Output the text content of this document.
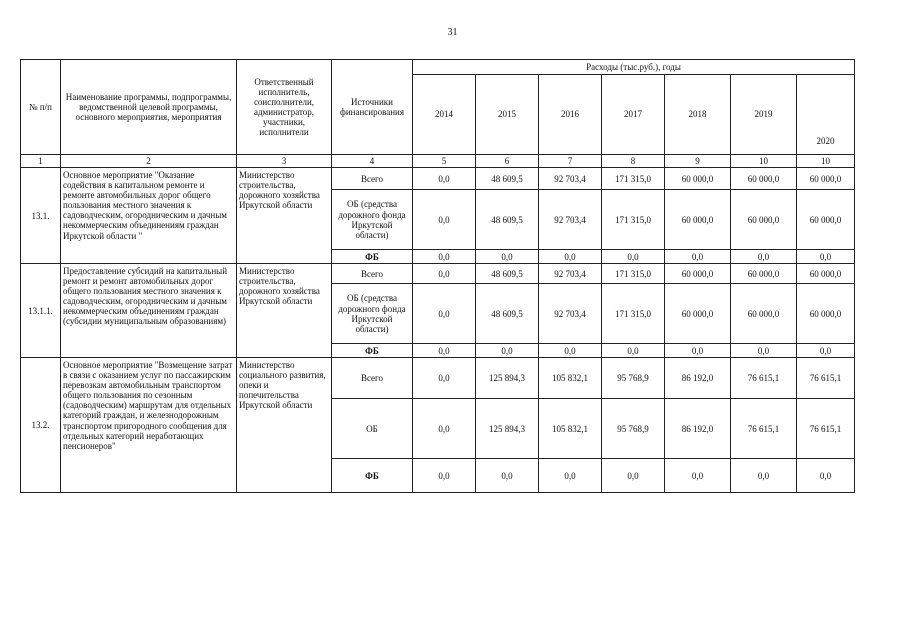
31
№ п/п	Наименование программы, подпрограммы, ведомственной целевой программы, основного мероприятия, мероприятия	Ответственный исполнитель, соисполнители, администратор, участники, исполнители	Источники финансирования	Расходы (тыс.руб.), годы						
				2014	2015	2016	2017	2018	2019	2020
1	2	3	4	5	6	7	8	9	10	10
13.1.	Основное мероприятие "Оказание содействия в капитальном ремонте и ремонте автомобильных дорог общего пользования местного значения к садоводческим, огородническим и дачным некоммерческим объединениям граждан Иркутской области "	Министерство строительства, дорожного хозяйства Иркутской области	Всего	0,0	48 609,5	92 703,4	171 315,0	60 000,0	60 000,0	60 000,0
			ОБ (средства дорожного фонда Иркутской области)	0,0	48 609,5	92 703,4	171 315,0	60 000,0	60 000,0	60 000,0
			ФБ	0,0	0,0	0,0	0,0	0,0	0,0	0,0
13.1.1.	Предоставление субсидий на капитальный ремонт и ремонт автомобильных дорог общего пользования местного значения к садоводческим, огородническим и дачным некоммерческим объединениям граждан (субсидии муниципальным образованиям)	Министерство строительства, дорожного хозяйства Иркутской области	Всего	0,0	48 609,5	92 703,4	171 315,0	60 000,0	60 000,0	60 000,0
			ОБ (средства дорожного фонда Иркутской области)	0,0	48 609,5	92 703,4	171 315,0	60 000,0	60 000,0	60 000,0
			ФБ	0,0	0,0	0,0	0,0	0,0	0,0	0,0
13.2.	Основное мероприятие "Возмещение затрат в связи с оказанием услуг по пассажирским перевозкам автомобильным транспортом общего пользования по сезонным (садоводческим) маршрутам для отдельных категорий граждан, и железнодорожным транспортом пригородного сообщения для отдельных категорий неработающих пенсионеров"	Министерство социального развития, опеки и попечительства Иркутской области	Всего	0,0	125 894,3	105 832,1	95 768,9	86 192,0	76 615,1	76 615,1
			ОБ	0,0	125 894,3	105 832,1	95 768,9	86 192,0	76 615,1	76 615,1
			ФБ	0,0	0,0	0,0	0,0	0,0	0,0	0,0
